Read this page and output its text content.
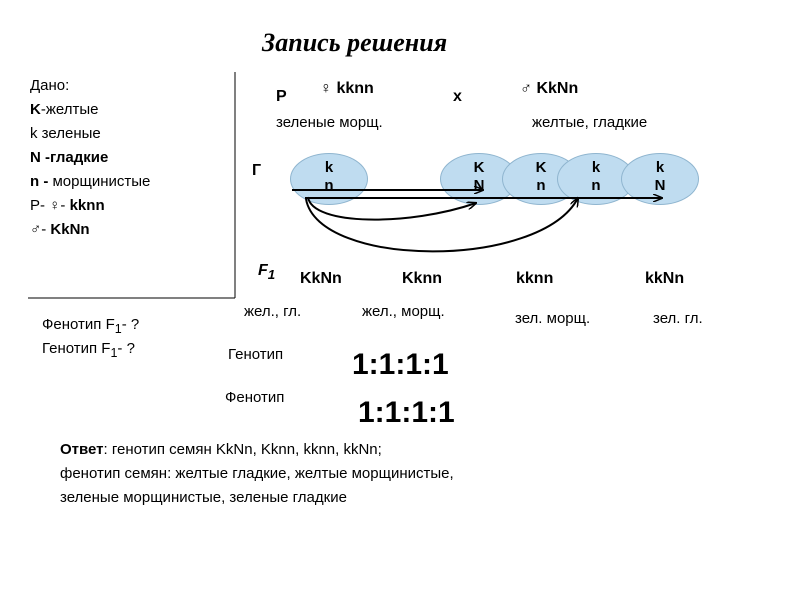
Запись решения
Дано:
K-желтые
k зеленые
N -гладкие
n - морщинистые
Р- ♀- kknn
♂- KkNn
Фенотип $F_1-$ ?
Генотип $F_1-$ ?
Р ♀ kknn	x	♂ KkNn
зеленые морщ.	желтые, гладкие
Г	k
n
K
N
K
n
k
n
k
N
$F_1$ KkNn	Kknn	kknn	kkNn
жел., гл.	жел., морщ.	зел. морщ.	зел. гл.
Генотип 1:1:1:1
Фенотип 1:1:1:1
Ответ: генотип семян KkNn, Kknn, kknn, kkNn;
фенотип семян: желтые гладкие, желтые морщинистые,
зеленые морщинистые, зеленые гладкие
